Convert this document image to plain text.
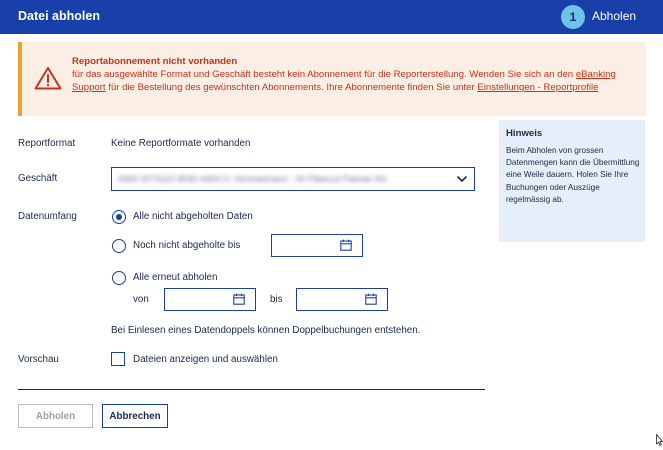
Datei abholen	1	Abholen
Reportabonnement nicht vorhanden
für das ausgewählte Format und Geschäft besteht kein Abonnement für die Reporterstellung. Wenden Sie sich an den eBanking Support für die Bestellung des gewünschten Abonnements. Ihre Abonnemente finden Sie unter Einstellungen - Reportprofile
Reportformat	Keine Reportformate vorhanden
Geschäft	0494 0074110 8030-4404 H. Himmelmann - 00 Fibercut Partner AG
Datenumfang	Alle nicht abgeholten Daten
Noch nicht abgeholte bis
Alle erneut abholen
von	bis
Bei Einlesen eines Datendoppels können Doppelbuchungen entstehen.
Vorschau	Dateien anzeigen und auswählen
Abholen	Abbrechen
Hinweis
Beim Abholen von grossen Datenmengen kann die Übermittlung eine Weile dauern. Holen Sie Ihre Buchungen oder Auszüge regelmässig ab.
